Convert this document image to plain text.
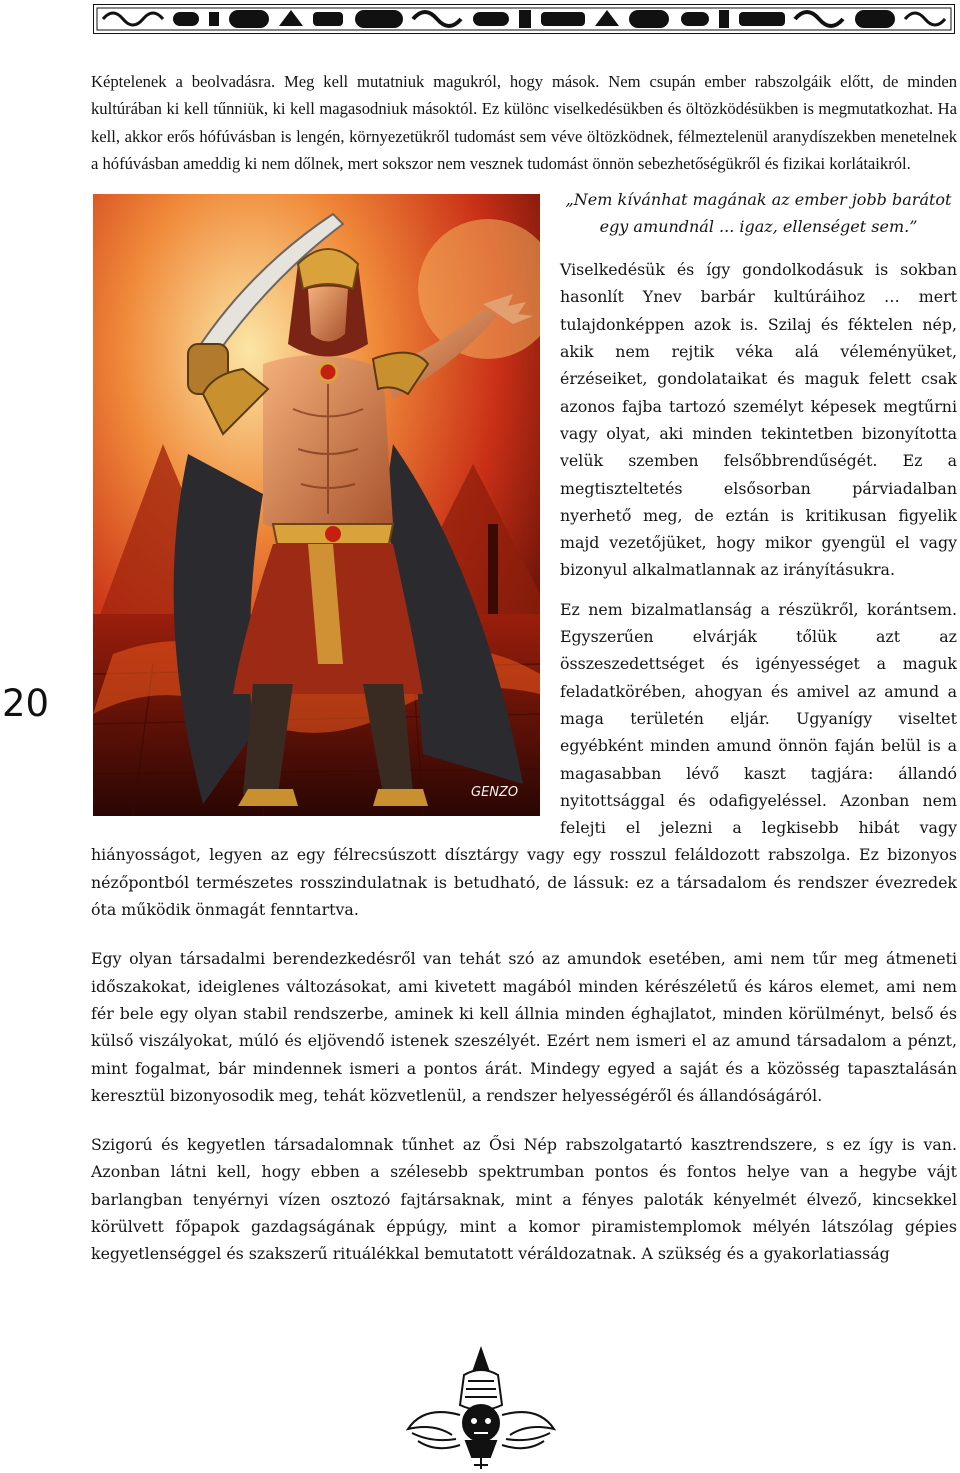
20

Képtelenek a beolvadásra. Meg kell mutatniuk magukról, hogy mások. Nem csupán ember rabszolgáik előtt, de minden kultúrában ki kell tűnniük, ki kell magasodniuk másoktól. Ez különc viselkedésükben és öltözködésükben is megmutatkozhat. Ha kell, akkor erős hófúvásban is lengén, környezetükről tudomást sem véve öltözködnek, félmeztelenül aranydíszekben menetelnek a hófúvásban ameddig ki nem dőlnek, mert sokszor nem vesznek tudomást önnön sebezhetőségükről és fizikai korlátaikról.

GENZO

„Nem kívánhat magának az ember jobb barátot egy amundnál ... igaz, ellenséget sem.”

Viselkedésük és így gondolkodásuk is sokban hasonlít Ynev barbár kultúráihoz … mert tulajdonképpen azok is. Szilaj és féktelen nép, akik nem rejtik véka alá véleményüket, érzéseiket, gondolataikat és maguk felett csak azonos fajba tartozó személyt képesek megtűrni vagy olyat, aki minden tekintetben bizonyította velük szemben felsőbbrendűségét. Ez a megtiszteltetés elsősorban párviadalban nyerhető meg, de eztán is kritikusan figyelik majd vezetőjüket, hogy mikor gyengül el vagy bizonyul alkalmatlannak az irányításukra.

Ez nem bizalmatlanság a részükről, korántsem. Egyszerűen elvárják tőlük azt az összeszedettséget és igényességet a maguk feladatkörében, ahogyan és amivel az amund a maga területén eljár. Ugyanígy viseltet egyébként minden amund önnön faján belül is a magasabban lévő kaszt tagjára: állandó nyitottsággal és odafigyeléssel. Azonban nem felejti el jelezni a legkisebb hibát vagy hiányosságot, legyen az egy félrecsúszott dísztárgy vagy egy rosszul feláldozott rabszolga. Ez bizonyos nézőpontból természetes rosszindulatnak is betudható, de lássuk: ez a társadalom és rendszer évezredek óta működik önmagát fenntartva.

Egy olyan társadalmi berendezkedésről van tehát szó az amundok esetében, ami nem tűr meg átmeneti időszakokat, ideiglenes változásokat, ami kivetett magából minden kérészéletű és káros elemet, ami nem fér bele egy olyan stabil rendszerbe, aminek ki kell állnia minden éghajlatot, minden körülményt, belső és külső viszályokat, múló és eljövendő istenek szeszélyét. Ezért nem ismeri el az amund társadalom a pénzt, mint fogalmat, bár mindennek ismeri a pontos árát. Mindegy egyed a saját és a közösség tapasztalásán keresztül bizonyosodik meg, tehát közvetlenül, a rendszer helyességéről és állandóságáról.

Szigorú és kegyetlen társadalomnak tűnhet az Ősi Nép rabszolgatartó kasztrendszere, s ez így is van. Azonban látni kell, hogy ebben a szélesebb spektrumban pontos és fontos helye van a hegybe vájt barlangban tenyérnyi vízen osztozó fajtársaknak, mint a fényes paloták kényelmét élvező, kincsekkel körülvett főpapok gazdagságának éppúgy, mint a komor piramistemplomok mélyén látszólag gépies kegyetlenséggel és szakszerű rituálékkal bemutatott véráldozatnak. A szükség és a gyakorlatiasság
